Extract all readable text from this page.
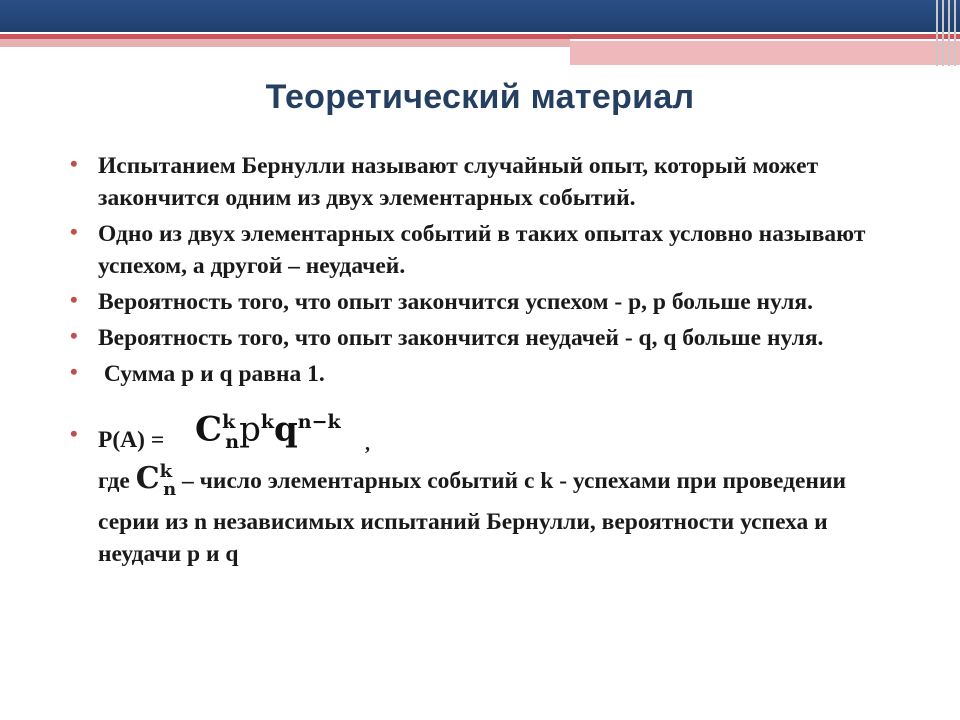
Теоретический материал
• Испытанием Бернулли называют случайный опыт, который может закончится одним из двух элементарных событий.
• Одно из двух элементарных событий в таких опытах условно называют успехом, а другой – неудачей.
• Вероятность того, что опыт закончится успехом - p, p больше нуля.
• Вероятность того, что опыт закончится неудачей - q, q больше нуля.
• Сумма p и q равна 1.
• $P(A) = C^k_np^kq^{n-k}$
,
где $C^k_n$ – число элементарных событий с k - успехами при проведении серии из n независимых испытаний Бернулли, вероятности успеха и неудачи p и q
